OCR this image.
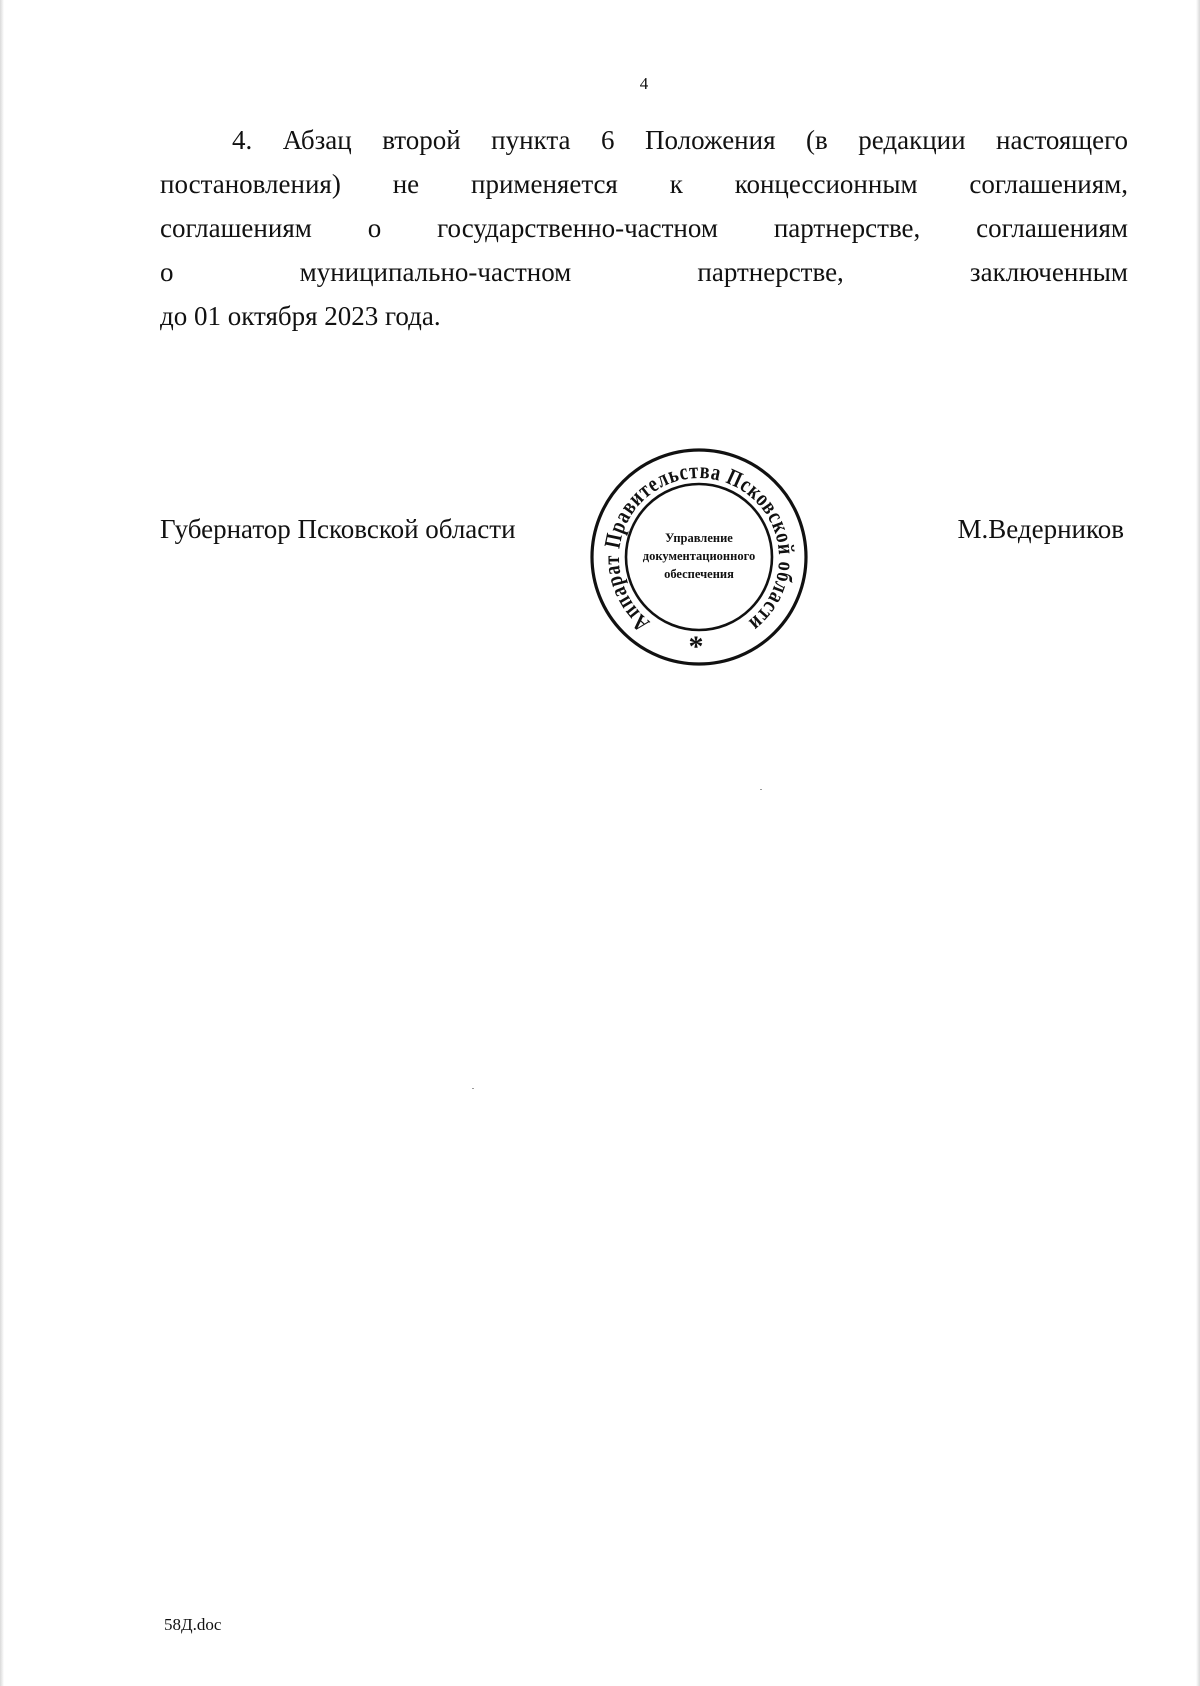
4
4. Абзац второй пункта 6 Положения (в редакции настоящего
постановления) не применяется к концессионным соглашениям,
соглашениям о государственно-частном партнерстве, соглашениям
о муниципально-частном партнерстве, заключенным
до 01 октября 2023 года.
Губернатор Псковской области
Аппарат Правительства Псковской области
Управление
документационного
обеспечения
*
М.Ведерников
58Д.doc
